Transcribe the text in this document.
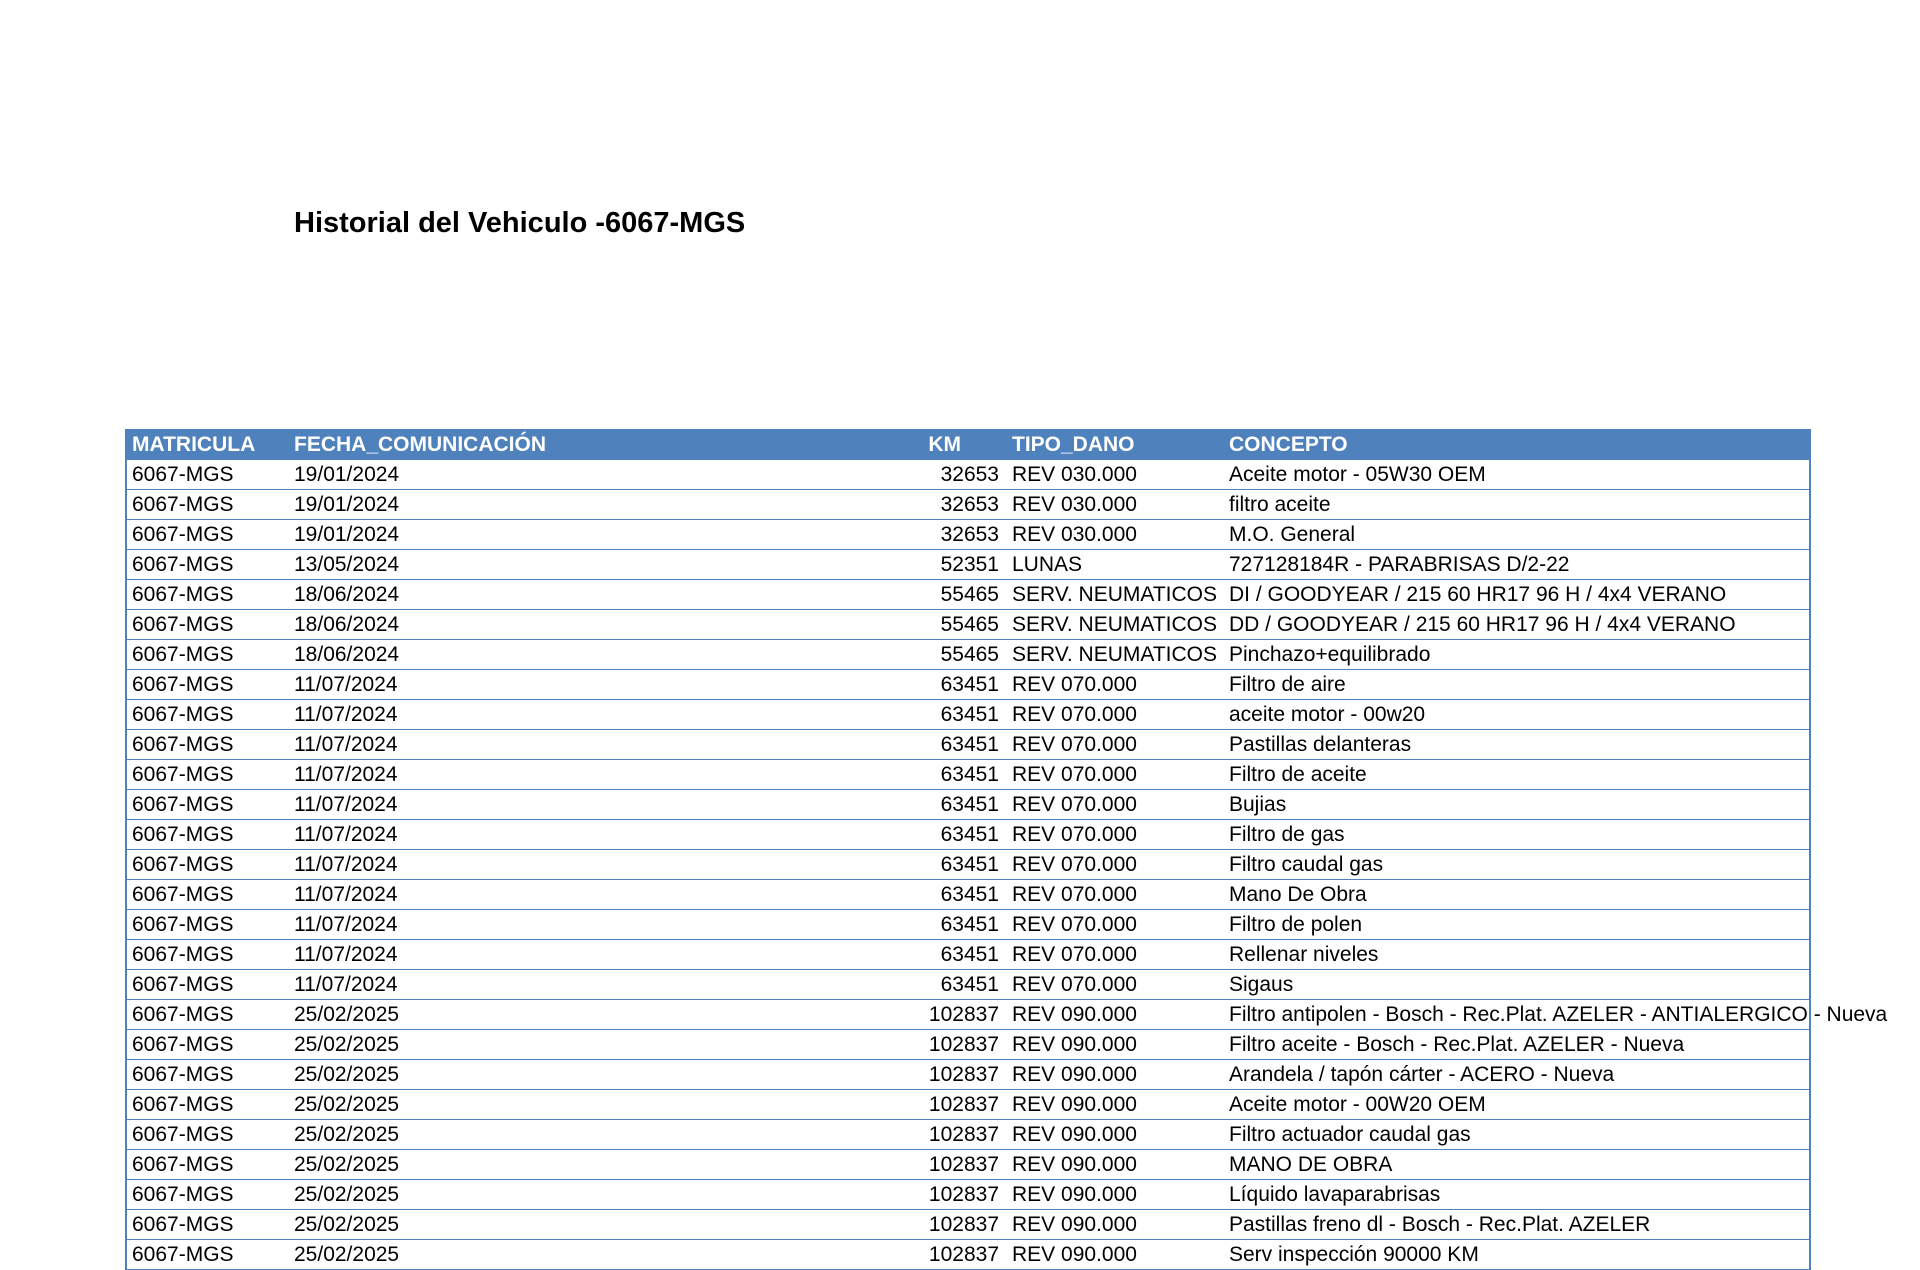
Historial del Vehiculo -6067-MGS
MATRICULA	FECHA_COMUNICACIÓN	KM	TIPO_DANO	CONCEPTO
6067-MGS	19/01/2024	32653	REV 030.000	Aceite motor - 05W30 OEM
6067-MGS	19/01/2024	32653	REV 030.000	filtro aceite
6067-MGS	19/01/2024	32653	REV 030.000	M.O. General
6067-MGS	13/05/2024	52351	LUNAS	727128184R - PARABRISAS D/2-22
6067-MGS	18/06/2024	55465	SERV. NEUMATICOS	DI / GOODYEAR / 215 60 HR17 96 H / 4x4 VERANO
6067-MGS	18/06/2024	55465	SERV. NEUMATICOS	DD / GOODYEAR / 215 60 HR17 96 H / 4x4 VERANO
6067-MGS	18/06/2024	55465	SERV. NEUMATICOS	Pinchazo+equilibrado
6067-MGS	11/07/2024	63451	REV 070.000	Filtro de aire
6067-MGS	11/07/2024	63451	REV 070.000	aceite motor - 00w20
6067-MGS	11/07/2024	63451	REV 070.000	Pastillas delanteras
6067-MGS	11/07/2024	63451	REV 070.000	Filtro de aceite
6067-MGS	11/07/2024	63451	REV 070.000	Bujias
6067-MGS	11/07/2024	63451	REV 070.000	Filtro de gas
6067-MGS	11/07/2024	63451	REV 070.000	Filtro caudal gas
6067-MGS	11/07/2024	63451	REV 070.000	Mano De Obra
6067-MGS	11/07/2024	63451	REV 070.000	Filtro de polen
6067-MGS	11/07/2024	63451	REV 070.000	Rellenar niveles
6067-MGS	11/07/2024	63451	REV 070.000	Sigaus
6067-MGS	25/02/2025	102837	REV 090.000	Filtro antipolen - Bosch - Rec.Plat. AZELER - ANTIALERGICO - Nueva
6067-MGS	25/02/2025	102837	REV 090.000	Filtro aceite - Bosch - Rec.Plat. AZELER - Nueva
6067-MGS	25/02/2025	102837	REV 090.000	Arandela / tapón cárter - ACERO - Nueva
6067-MGS	25/02/2025	102837	REV 090.000	Aceite motor - 00W20 OEM
6067-MGS	25/02/2025	102837	REV 090.000	Filtro actuador caudal gas
6067-MGS	25/02/2025	102837	REV 090.000	MANO DE OBRA
6067-MGS	25/02/2025	102837	REV 090.000	Líquido lavaparabrisas
6067-MGS	25/02/2025	102837	REV 090.000	Pastillas freno dl - Bosch - Rec.Plat. AZELER
6067-MGS	25/02/2025	102837	REV 090.000	Serv inspección 90000 KM
